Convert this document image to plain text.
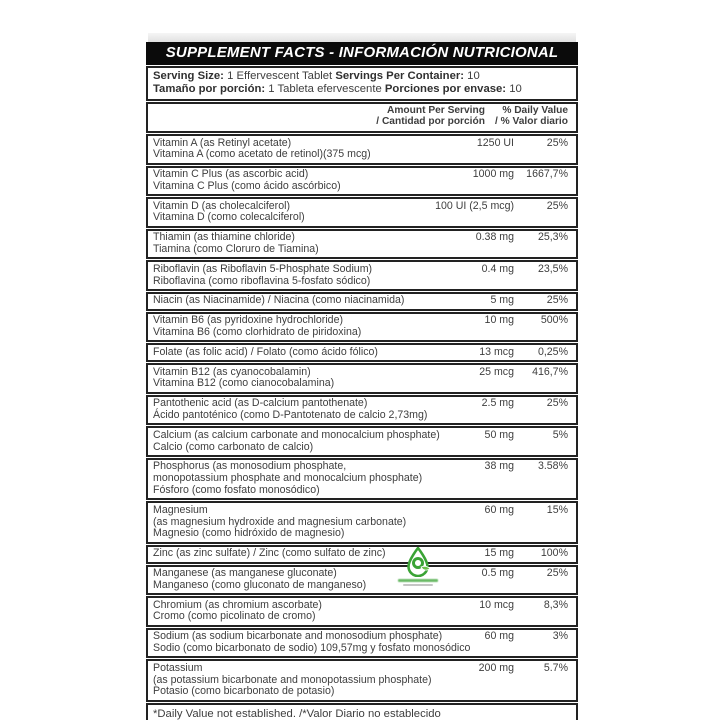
SUPPLEMENT FACTS - INFORMACIÓN NUTRICIONAL
Serving Size: 1 Effervescent Tablet Servings Per Container: 10
Tamaño por porción: 1 Tableta efervescente Porciones por envase: 10
Amount Per Serving
/ Cantidad por porción
% Daily Value
/ % Valor diario
Vitamin A (as Retinyl acetate)
Vitamina A (como acetato de retinol)(375 mcg)
1250 UI	25%
Vitamin C Plus (as ascorbic acid)
Vitamina C Plus (como ácido ascórbico)
1000 mg	1667,7%
Vitamin D (as cholecalciferol)
Vitamina D (como colecalciferol)
100 UI (2,5 mcg)	25%
Thiamin (as thiamine chloride)
Tiamina (como Cloruro de Tiamina)
0.38 mg	25,3%
Riboflavin (as Riboflavin 5-Phosphate Sodium)
Riboflavina (como riboflavina 5-fosfato sódico)
0.4 mg	23,5%
Niacin (as Niacinamide) / Niacina (como niacinamida)	5 mg	25%
Vitamin B6 (as pyridoxine hydrochloride)
Vitamina B6 (como clorhidrato de piridoxina)
10 mg	500%
Folate (as folic acid) / Folato (como ácido fólico)	13 mcg	0,25%
Vitamin B12 (as cyanocobalamin)
Vitamina B12 (como cianocobalamina)
25 mcg	416,7%
Pantothenic acid (as D-calcium pantothenate)
Ácido pantoténico (como D-Pantotenato de calcio 2,73mg)
2.5 mg	25%
Calcium (as calcium carbonate and monocalcium phosphate)
Calcio (como carbonato de calcio)
50 mg	5%
Phosphorus (as monosodium phosphate,
monopotassium phosphate and monocalcium phosphate)
Fósforo (como fosfato monosódico)
38 mg	3.58%
Magnesium
(as magnesium hydroxide and magnesium carbonate)
Magnesio (como hidróxido de magnesio)
60 mg	15%
Zinc (as zinc sulfate) / Zinc (como sulfato de zinc)	15 mg	100%
Manganese (as manganese gluconate)
Manganeso (como gluconato de manganeso)
0.5 mg	25%
Chromium (as chromium ascorbate)
Cromo (como picolinato de cromo)
10 mcg	8,3%
Sodium (as sodium bicarbonate and monosodium phosphate)
Sodio (como bicarbonato de sodio) 109,57mg y fosfato monosódico
60 mg	3%
Potassium
(as potassium bicarbonate and monopotassium phosphate)
Potasio (como bicarbonato de potasio)
200 mg	5.7%
*Daily Value not established. /*Valor Diario no establecido
